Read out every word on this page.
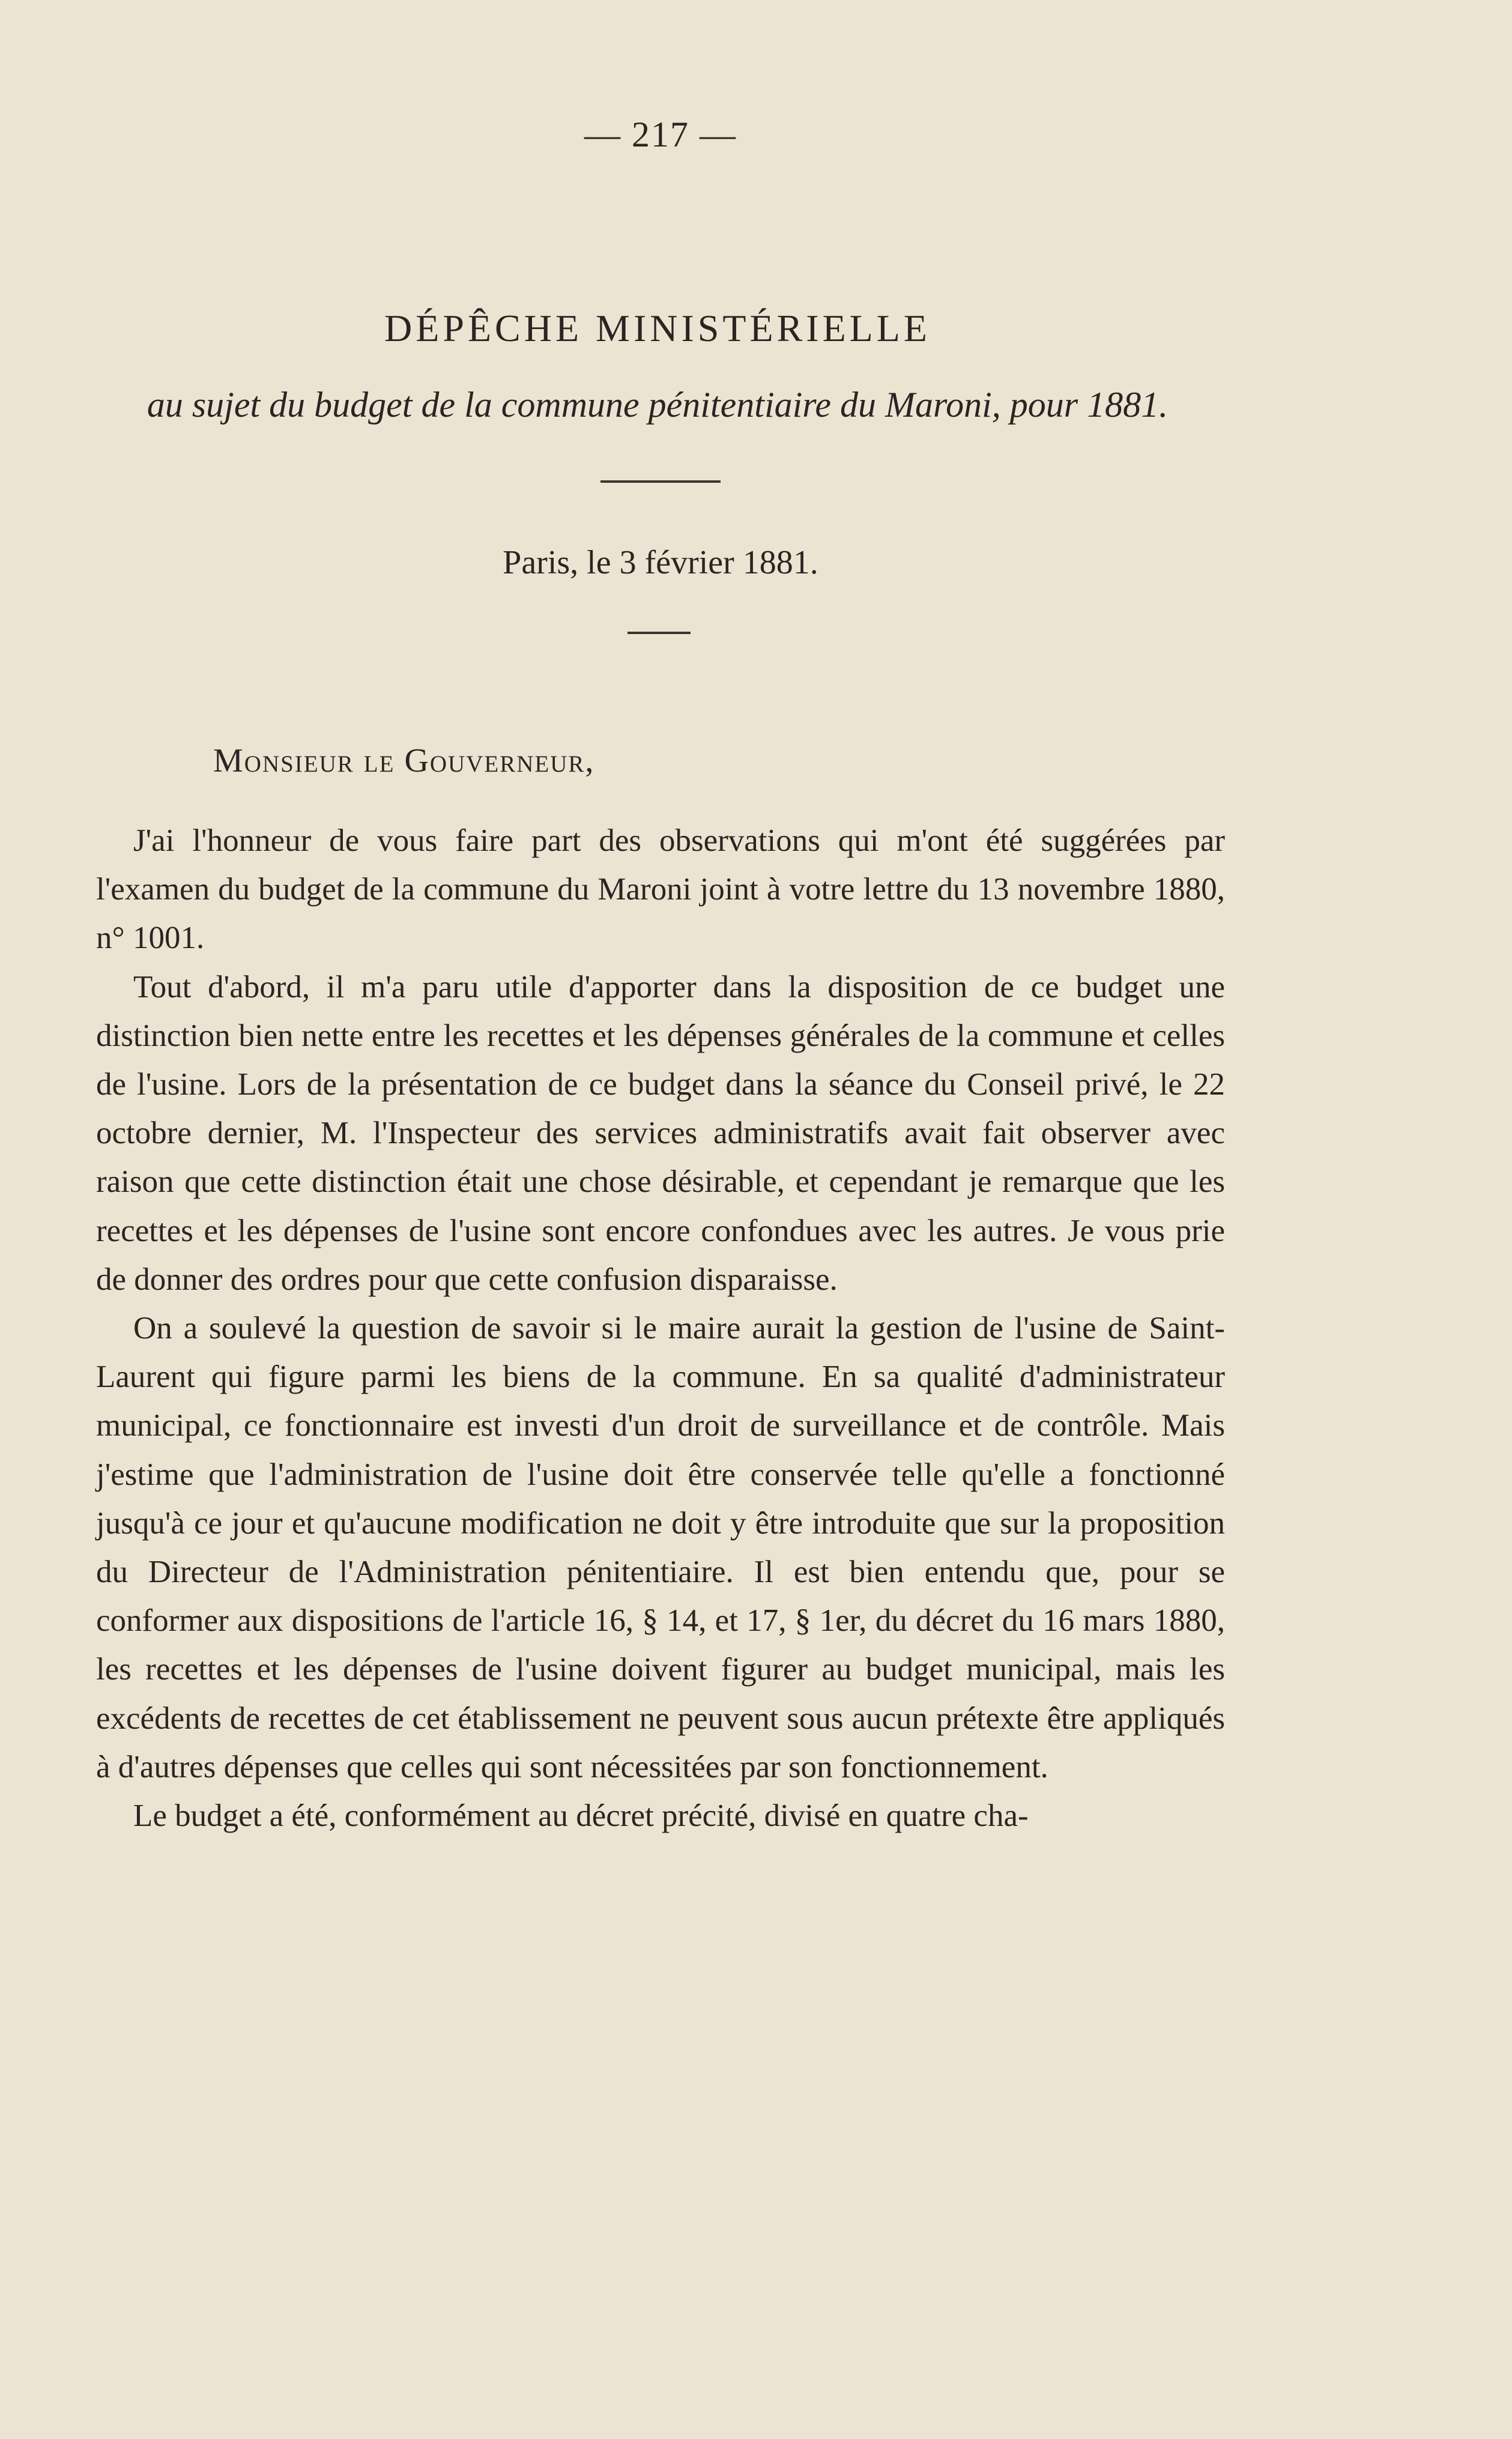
— 217 —
DÉPÊCHE MINISTÉRIELLE
au sujet du budget de la commune pénitentiaire du Maroni, pour 1881.
Paris, le 3 février 1881.
Monsieur le Gouverneur,

J'ai l'honneur de vous faire part des observations qui m'ont été suggérées par l'examen du budget de la commune du Maroni joint à votre lettre du 13 novembre 1880, n° 1001.

Tout d'abord, il m'a paru utile d'apporter dans la disposition de ce budget une distinction bien nette entre les recettes et les dépenses générales de la commune et celles de l'usine. Lors de la présentation de ce budget dans la séance du Conseil privé, le 22 octobre dernier, M. l'Inspecteur des services administratifs avait fait observer avec raison que cette distinction était une chose désirable, et cependant je remarque que les recettes et les dépenses de l'usine sont encore confondues avec les autres. Je vous prie de donner des ordres pour que cette confusion disparaisse.

On a soulevé la question de savoir si le maire aurait la gestion de l'usine de Saint-Laurent qui figure parmi les biens de la commune. En sa qualité d'administrateur municipal, ce fonctionnaire est investi d'un droit de surveillance et de contrôle. Mais j'estime que l'administration de l'usine doit être conservée telle qu'elle a fonctionné jusqu'à ce jour et qu'aucune modification ne doit y être introduite que sur la proposition du Directeur de l'Administration pénitentiaire. Il est bien entendu que, pour se conformer aux dispositions de l'article 16, § 14, et 17, § 1er, du décret du 16 mars 1880, les recettes et les dépenses de l'usine doivent figurer au budget municipal, mais les excédents de recettes de cet établissement ne peuvent sous aucun prétexte être appliqués à d'autres dépenses que celles qui sont nécessitées par son fonctionnement.

Le budget a été, conformément au décret précité, divisé en quatre cha-
